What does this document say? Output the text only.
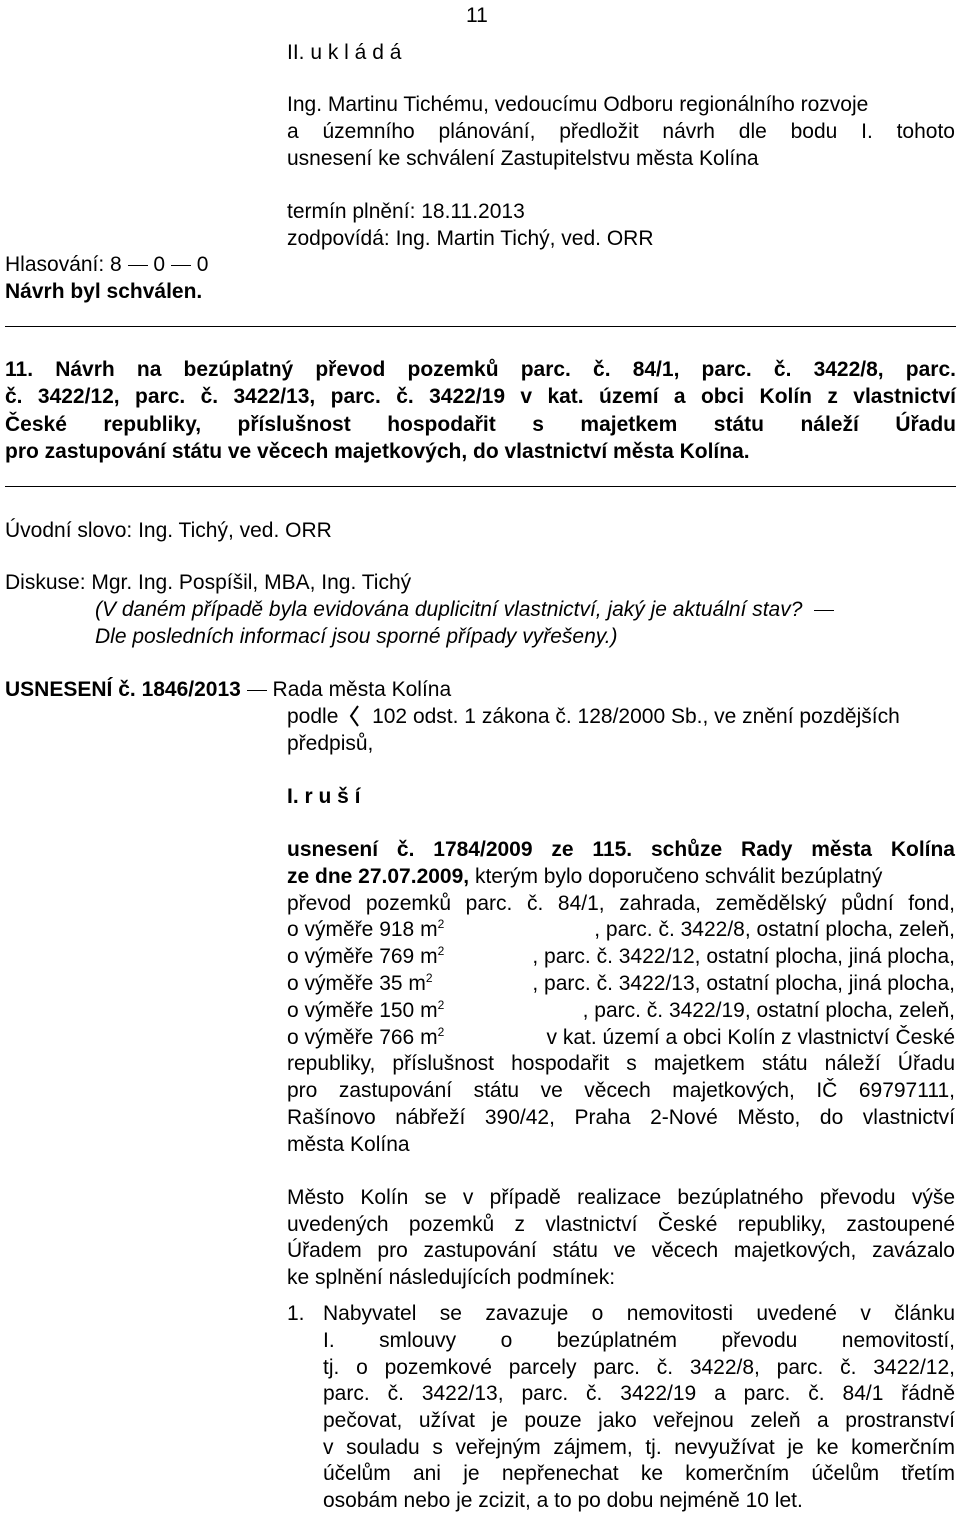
11
II. u k l á d á
Ing. Martinu Tichému, vedoucímu Odboru regionálního rozvoje
a územního plánování, předložit návrh dle bodu I. tohoto
usnesení ke schválení Zastupitelstvu města Kolína
termín plnění: 18.11.2013
zodpovídá: Ing. Martin Tichý, ved. ORR
Hlasování: 8 0 0
Návrh byl schválen.
11. Návrh na bezúplatný převod pozemků parc. č. 84/1, parc. č. 3422/8, parc.
č. 3422/12, parc. č. 3422/13, parc. č. 3422/19 v kat. území a obci Kolín z vlastnictví
České republiky, příslušnost hospodařit s majetkem státu náleží Úřadu
pro zastupování státu ve věcech majetkových, do vlastnictví města Kolína.
Úvodní slovo: Ing. Tichý, ved. ORR
Diskuse: Mgr. Ing. Pospíšil, MBA, Ing. Tichý
(V daném případě byla evidována duplicitní vlastnictví, jaký je aktuální stav?
Dle posledních informací jsou sporné případy vyřešeny.)
USNESENÍ č. 1846/2013 Rada města Kolína
podle 102 odst. 1 zákona č. 128/2000 Sb., ve znění pozdějších
předpisů,
I. r u š í
usnesení č. 1784/2009 ze 115. schůze Rady města Kolína
ze dne 27.07.2009, kterým bylo doporučeno schválit bezúplatný
převod pozemků parc. č. 84/1, zahrada, zemědělský půdní fond,
o výměře 918 $m^2$	, parc. č. 3422/8, ostatní plocha, zeleň,
o výměře 769 $m^2$	, parc. č. 3422/12, ostatní plocha, jiná plocha,
o výměře 35 $m^2$	, parc. č. 3422/13, ostatní plocha, jiná plocha,
o výměře 150 $m^2$	, parc. č. 3422/19, ostatní plocha, zeleň,
o výměře 766 $m^2$	v kat. území a obci Kolín z vlastnictví České
republiky, příslušnost hospodařit s majetkem státu náleží Úřadu
pro zastupování státu ve věcech majetkových, IČ 69797111,
Rašínovo nábřeží 390/42, Praha 2-Nové Město, do vlastnictví
města Kolína
Město Kolín se v případě realizace bezúplatného převodu výše
uvedených pozemků z vlastnictví České republiky, zastoupené
Úřadem pro zastupování státu ve věcech majetkových, zavázalo
ke splnění následujících podmínek:
1. Nabyvatel se zavazuje o nemovitosti uvedené v článku
I. smlouvy o bezúplatném převodu nemovitostí,
tj. o pozemkové parcely parc. č. 3422/8, parc. č. 3422/12,
parc. č. 3422/13, parc. č. 3422/19 a parc. č. 84/1 řádně
pečovat, užívat je pouze jako veřejnou zeleň a prostranství
v souladu s veřejným zájmem, tj. nevyužívat je ke komerčním
účelům ani je nepřenechat ke komerčním účelům třetím
osobám nebo je zcizit, a to po dobu nejméně 10 let.
